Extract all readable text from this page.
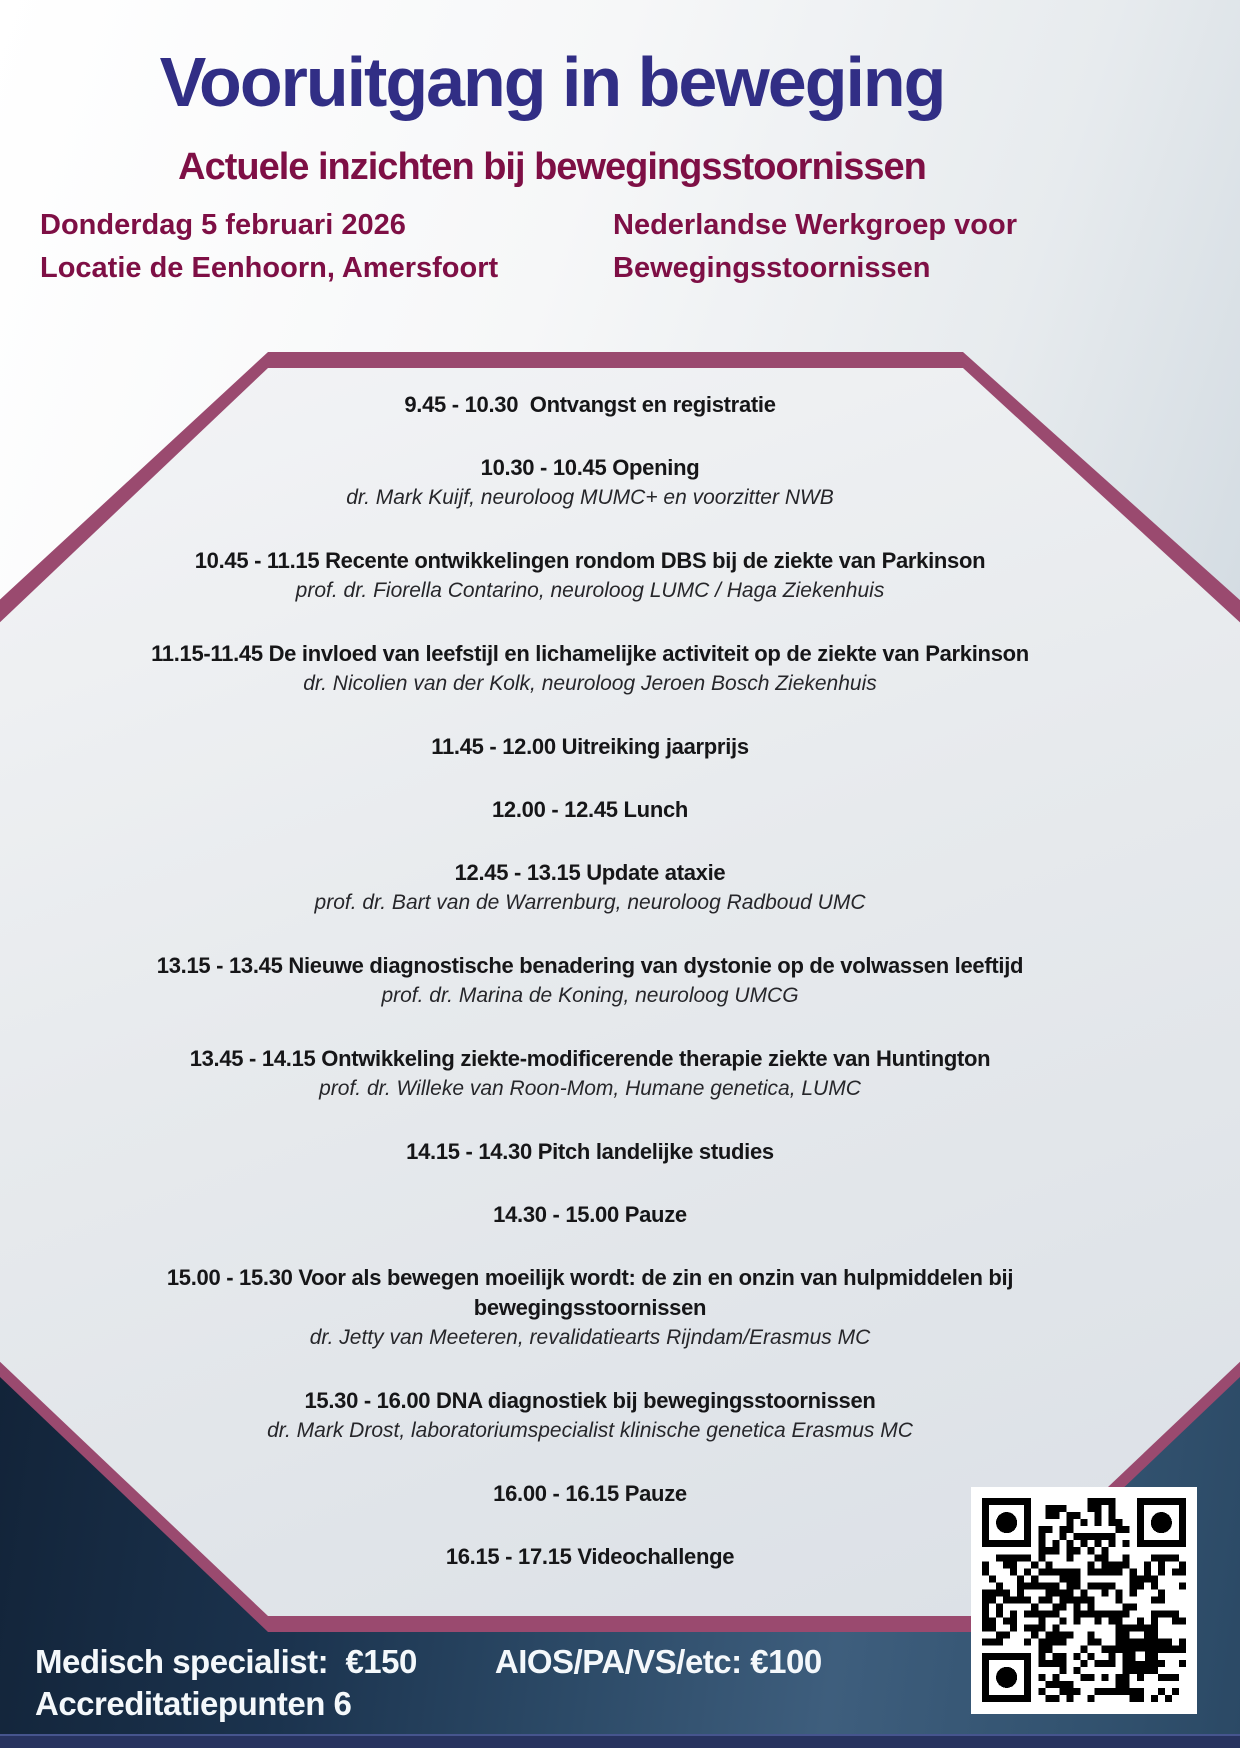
Vooruitgang in beweging
Actuele inzichten bij bewegingsstoornissen
Donderdag 5 februari 2026
Locatie de Eenhoorn, Amersfoort
Nederlandse Werkgroep voor
Bewegingsstoornissen
9.45 - 10.30  Ontvangst en registratie
10.30 - 10.45 Opening
dr. Mark Kuijf, neuroloog MUMC+ en voorzitter NWB
10.45 - 11.15 Recente ontwikkelingen rondom DBS bij de ziekte van Parkinson
prof. dr. Fiorella Contarino, neuroloog LUMC / Haga Ziekenhuis
11.15-11.45 De invloed van leefstijl en lichamelijke activiteit op de ziekte van Parkinson
dr. Nicolien van der Kolk, neuroloog Jeroen Bosch Ziekenhuis
11.45 - 12.00 Uitreiking jaarprijs
12.00 - 12.45 Lunch
12.45 - 13.15 Update ataxie
prof. dr. Bart van de Warrenburg, neuroloog Radboud UMC
13.15 - 13.45 Nieuwe diagnostische benadering van dystonie op de volwassen leeftijd
prof. dr. Marina de Koning, neuroloog UMCG
13.45 - 14.15 Ontwikkeling ziekte-modificerende therapie ziekte van Huntington
prof. dr. Willeke van Roon-Mom, Humane genetica, LUMC
14.15 - 14.30 Pitch landelijke studies
14.30 - 15.00 Pauze
15.00 - 15.30 Voor als bewegen moeilijk wordt: de zin en onzin van hulpmiddelen bij bewegingsstoornissen
dr. Jetty van Meeteren, revalidatiearts Rijndam/Erasmus MC
15.30 - 16.00 DNA diagnostiek bij bewegingsstoornissen
dr. Mark Drost, laboratoriumspecialist klinische genetica Erasmus MC
16.00 - 16.15 Pauze
16.15 - 17.15 Videochallenge
Medisch specialist:  €150 AIOS/PA/VS/etc: €100
Accreditatiepunten 6
